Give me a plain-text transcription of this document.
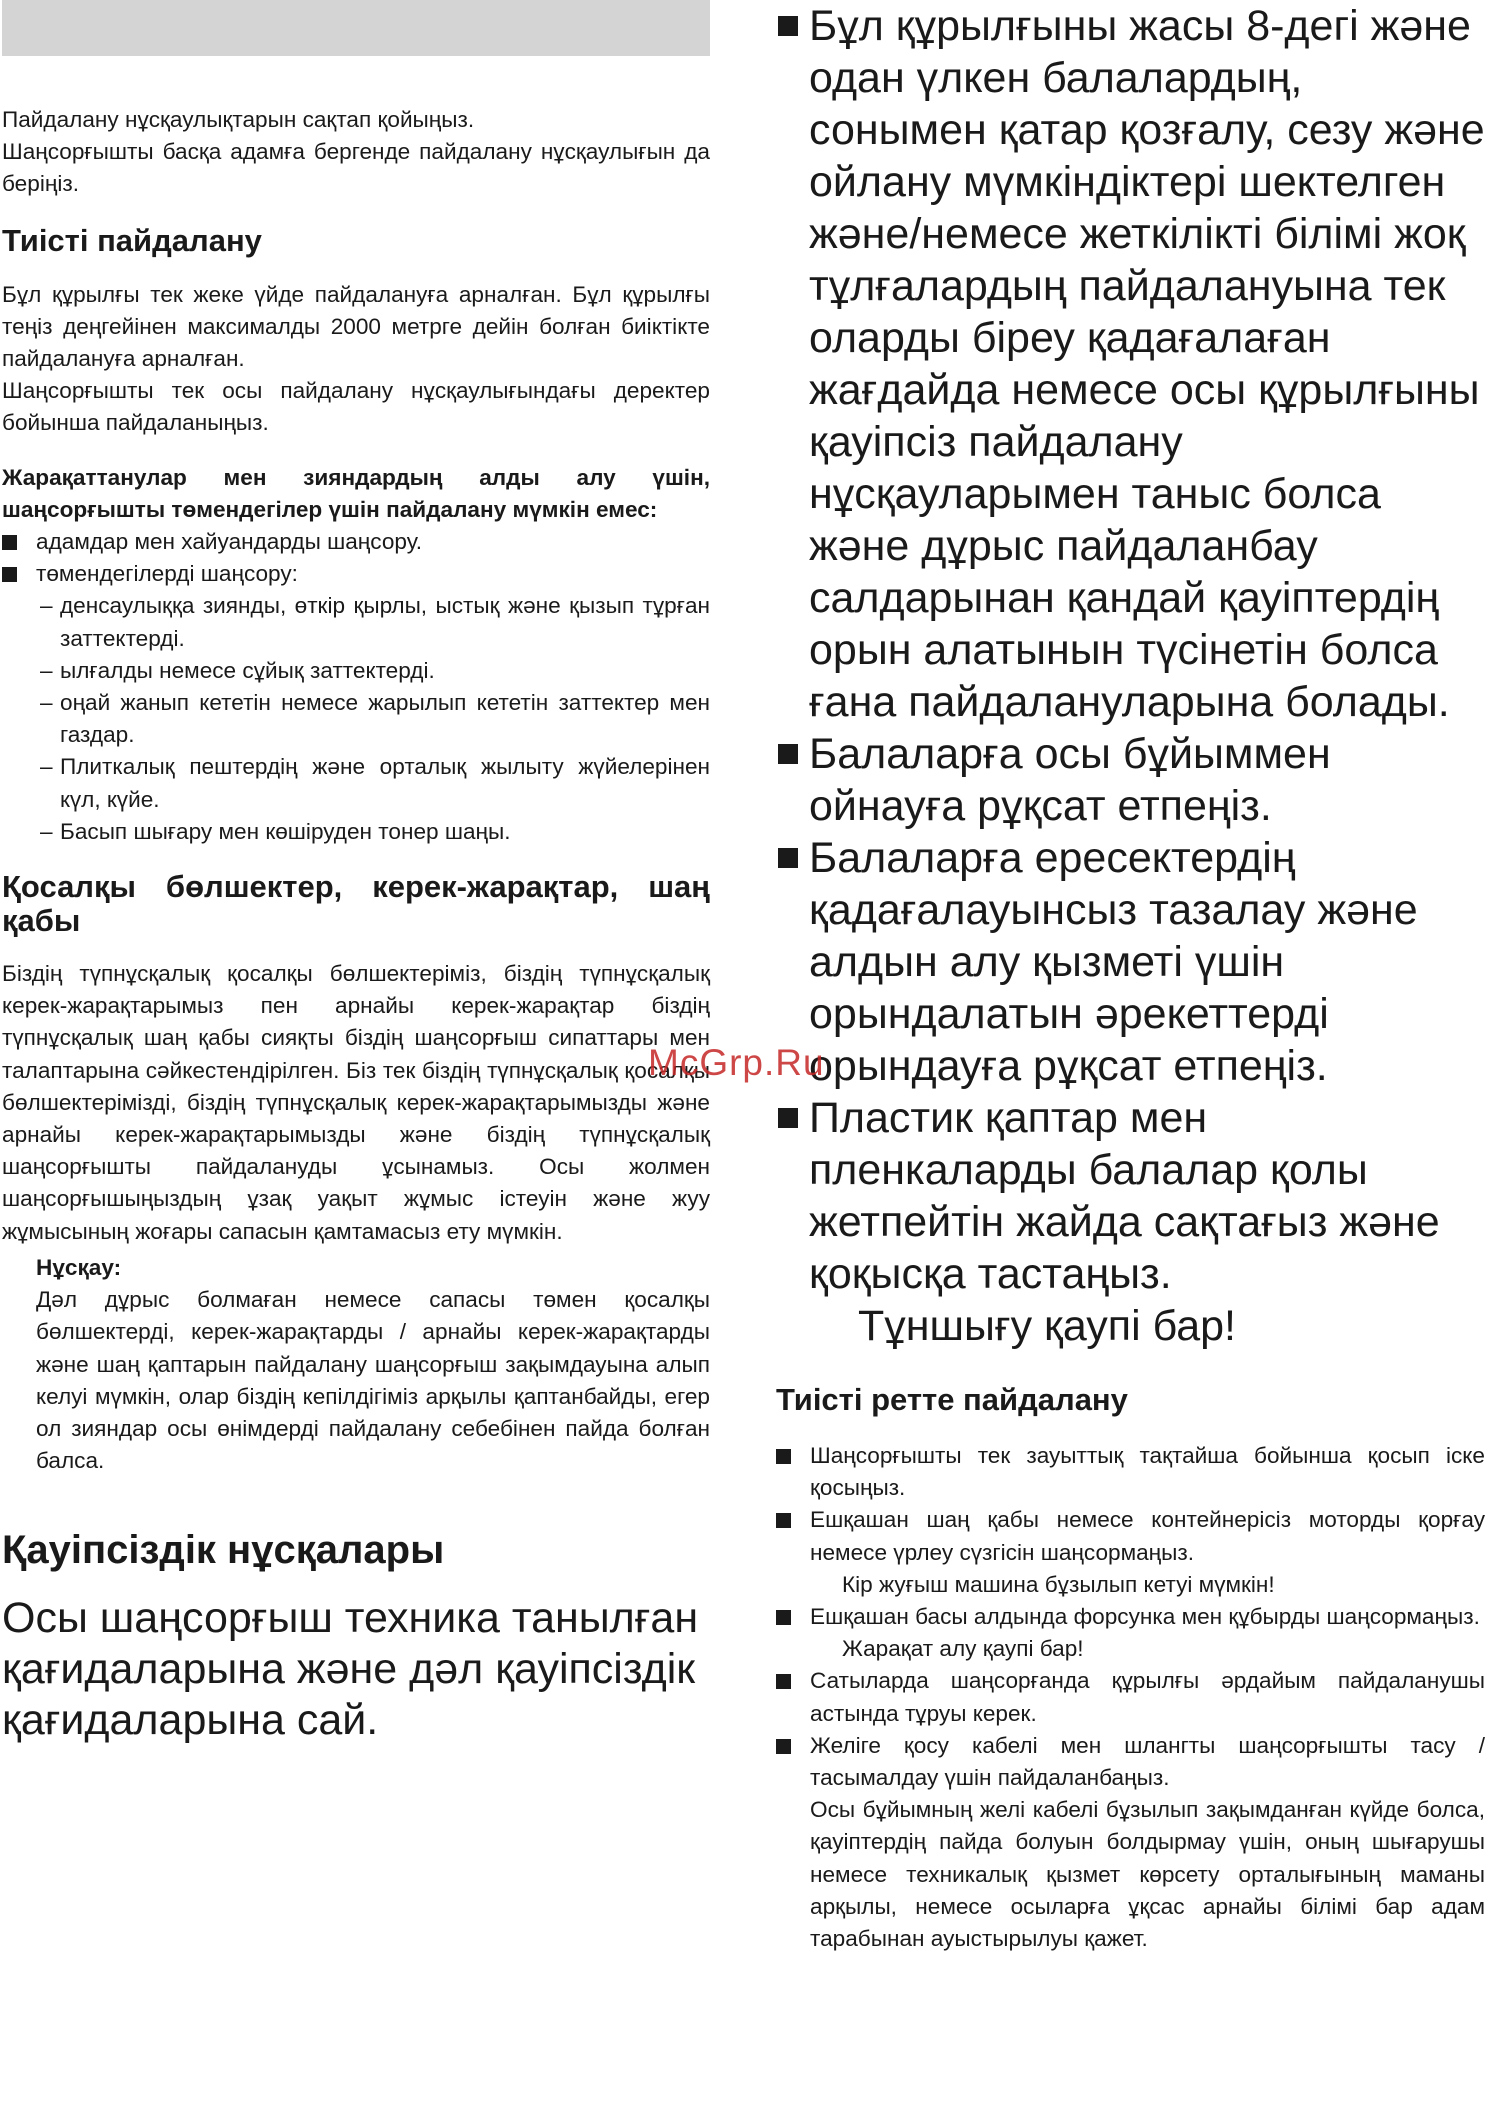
Пайдалану нұсқаулықтарын сақтап қойыңыз.

Шаңсорғышты басқа адамға бергенде пайдалану нұсқаулығын да беріңіз.

Тиісті пайдалану

Бұл құрылғы тек жеке үйде пайдалануға арналған. Бұл құрылғы теңіз деңгейінен максималды 2000 метрге дейін болған биіктікте пайдалануға арналған.

Шаңсорғышты тек осы пайдалану нұсқаулығындағы деректер бойынша пайдаланыңыз.

Жарақаттанулар мен зияндардың алды алу үшін, шаңсорғышты төмендегілер үшін пайдалану мүмкін емес:

адамдар мен хайуандарды шаңсору.
төмендегілерді шаңсору:
– денсаулыққа зиянды, өткір қырлы, ыстық және қызып тұрған заттектерді.
– ылғалды немесе сұйық заттектерді.
– оңай жанып кететін немесе жарылып кететін заттектер мен газдар.
– Плиткалық пештердің және орталық жылыту жүйелерінен күл, күйе.
– Басып шығару мен көшіруден тонер шаңы.
Қосалқы бөлшектер, керек-жарақтар, шаң қабы

Біздің түпнұсқалық қосалқы бөлшектеріміз, біздің түпнұсқалық керек-жарақтарымыз пен арнайы керек-жарақтар біздің түпнұсқалық шаң қабы сияқты біздің шаңсорғыш сипаттары мен талаптарына сәйкестендірілген. Біз тек біздің түпнұсқалық қосалқы бөлшектерімізді, біздің түпнұсқалық керек-жарақтарымызды және арнайы керек-жарақтарымызды және біздің түпнұсқалық шаңсорғышты пайдалануды ұсынамыз. Осы жолмен шаңсорғышыңыздың ұзақ уақыт жұмыс істеуін және жуу жұмысының жоғары сапасын қамтамасыз ету мүмкін.

Нұсқау:

Дәл дұрыс болмаған немесе сапасы төмен қосалқы бөлшектерді, керек-жарақтарды / арнайы керек-жарақтарды және шаң қаптарын пайдалану шаңсорғыш зақымдауына алып келуі мүмкін, олар біздің кепілдігіміз арқылы қаптанбайды, егер ол зияндар осы өнімдерді пайдалану себебінен пайда болған балса.

Қауіпсіздік нұсқалары

Осы шаңсорғыш техника танылған қағидаларына және дәл қауіпсіздік қағидаларына сай.

Бұл құрылғыны жасы 8-дегі және одан үлкен балалардың, сонымен қатар қозғалу, сезу және ойлану мүмкіндіктері шектелген және/немесе жеткілікті білімі жоқ тұлғалардың пайдалануына тек оларды біреу қадағалаған жағдайда немесе осы құрылғыны қауіпсіз пайдалану нұсқауларымен таныс болса және дұрыс пайдаланбау салдарынан қандай қауіптердің орын алатынын түсінетін болса ғана пайдалануларына болады.
Балаларға осы бұйыммен ойнауға рұқсат етпеңіз.
Балаларға ересектердің қадағалауынсыз тазалау және алдын алу қызметі үшін орындалатын әрекеттерді орындауға рұқсат етпеңіз.
Пластик қаптар мен пленкаларды балалар қолы жетпейтін жайда сақтағыз және қоқысқа тастаңыз.

Тұншығу қаупі бар!

Тиісті ретте пайдалану
Шаңсорғышты тек зауыттық тақтайша бойынша қосып іске қосыңыз.
Ешқашан шаң қабы немесе контейнерісіз моторды қорғау немесе үрлеу сүзгісін шаңсормаңыз.

Кір жуғыш машина бұзылып кетуі мүмкін!

Ешқашан басы алдында форсунка мен құбырды шаңсормаңыз.

Жарақат алу қаупі бар!

Сатыларда шаңсорғанда құрылғы әрдайым пайдаланушы астында тұруы керек.

Желіге қосу кабелі мен шлангты шаңсорғышты тасу / тасымалдау үшін пайдаланбаңыз.

Осы бұйымның желі кабелі бұзылып зақымданған күйде болса, қауіптердің пайда болуын болдырмау үшін, оның шығарушы немесе техникалық қызмет көрсету орталығының маманы арқылы, немесе осыларға ұқсас арнайы білімі бар адам тарабынан ауыстырылуы қажет.

McGrp.Ru
